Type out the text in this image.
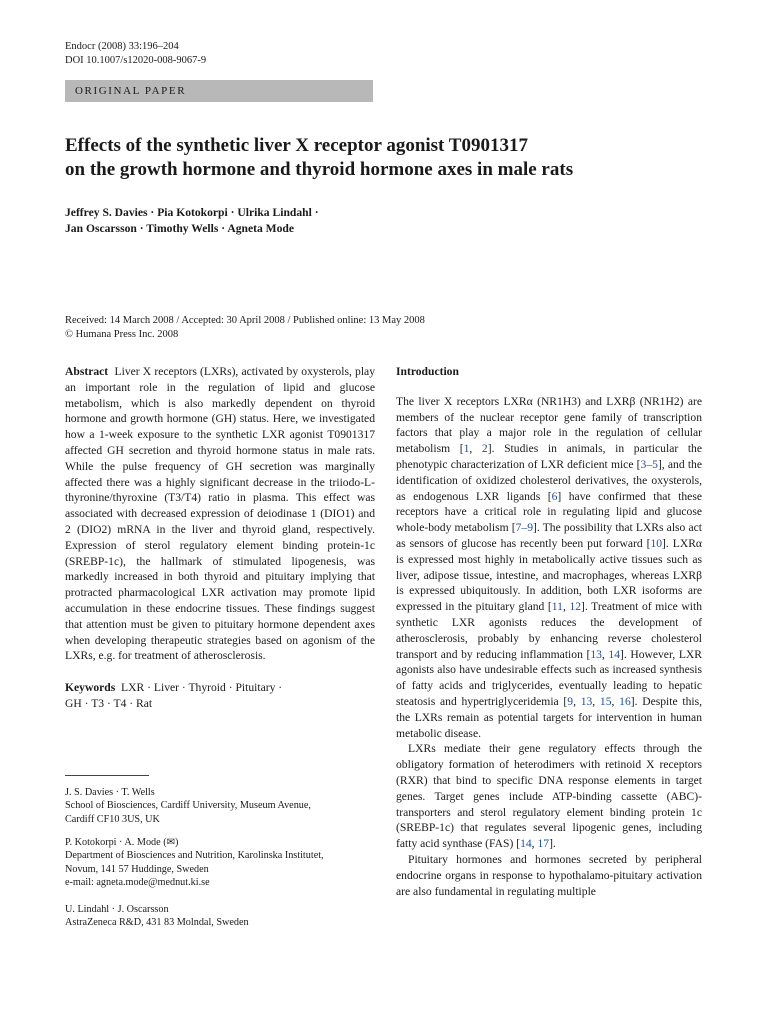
Endocr (2008) 33:196–204
DOI 10.1007/s12020-008-9067-9
ORIGINAL PAPER
Effects of the synthetic liver X receptor agonist T0901317
on the growth hormone and thyroid hormone axes in male rats
Jeffrey S. Davies · Pia Kotokorpi · Ulrika Lindahl ·
Jan Oscarsson · Timothy Wells · Agneta Mode
Received: 14 March 2008 / Accepted: 30 April 2008 / Published online: 13 May 2008
© Humana Press Inc. 2008

Abstract Liver X receptors (LXRs), activated by oxysterols, play an important role in the regulation of lipid and glucose metabolism, which is also markedly dependent on thyroid hormone and growth hormone (GH) status. Here, we investigated how a 1-week exposure to the synthetic LXR agonist T0901317 affected GH secretion and thyroid hormone status in male rats. While the pulse frequency of GH secretion was marginally affected there was a highly significant decrease in the triiodo-L-thyronine/thyroxine (T3/T4) ratio in plasma. This effect was associated with decreased expression of deiodinase 1 (DIO1) and 2 (DIO2) mRNA in the liver and thyroid gland, respectively. Expression of sterol regulatory element binding protein-1c (SREBP-1c), the hallmark of stimulated lipogenesis, was markedly increased in both thyroid and pituitary implying that protracted pharmacological LXR activation may promote lipid accumulation in these endocrine tissues. These findings suggest that attention must be given to pituitary hormone dependent axes when developing therapeutic strategies based on agonism of the LXRs, e.g. for treatment of atherosclerosis.

Keywords LXR · Liver · Thyroid · Pituitary ·
GH · T3 · T4 · Rat
J. S. Davies · T. Wells
School of Biosciences, Cardiff University, Museum Avenue,
Cardiff CF10 3US, UK
P. Kotokorpi · A. Mode (✉)
Department of Biosciences and Nutrition, Karolinska Institutet,
Novum, 141 57 Huddinge, Sweden
e-mail: agneta.mode@mednut.ki.se
U. Lindahl · J. Oscarsson
AstraZeneca R&D, 431 83 Molndal, Sweden

Introduction

The liver X receptors LXRα (NR1H3) and LXRβ (NR1H2) are members of the nuclear receptor gene family of transcription factors that play a major role in the regulation of cellular metabolism [1, 2]. Studies in animals, in particular the phenotypic characterization of LXR deficient mice [3–5], and the identification of oxidized cholesterol derivatives, the oxysterols, as endogenous LXR ligands [6] have confirmed that these receptors have a critical role in regulating lipid and glucose whole-body metabolism [7–9]. The possibility that LXRs also act as sensors of glucose has recently been put forward [10]. LXRα is expressed most highly in metabolically active tissues such as liver, adipose tissue, intestine, and macrophages, whereas LXRβ is expressed ubiquitously. In addition, both LXR isoforms are expressed in the pituitary gland [11, 12]. Treatment of mice with synthetic LXR agonists reduces the development of atherosclerosis, probably by enhancing reverse cholesterol transport and by reducing inflammation [13, 14]. However, LXR agonists also have undesirable effects such as increased synthesis of fatty acids and triglycerides, eventually leading to hepatic steatosis and hypertriglyceridemia [9, 13, 15, 16]. Despite this, the LXRs remain as potential targets for intervention in human metabolic disease.

LXRs mediate their gene regulatory effects through the obligatory formation of heterodimers with retinoid X receptors (RXR) that bind to specific DNA response elements in target genes. Target genes include ATP-binding cassette (ABC)-transporters and sterol regulatory element binding protein 1c (SREBP-1c) that regulates several lipogenic genes, including fatty acid synthase (FAS) [14, 17].

Pituitary hormones and hormones secreted by peripheral endocrine organs in response to hypothalamo-pituitary activation are also fundamental in regulating multiple
